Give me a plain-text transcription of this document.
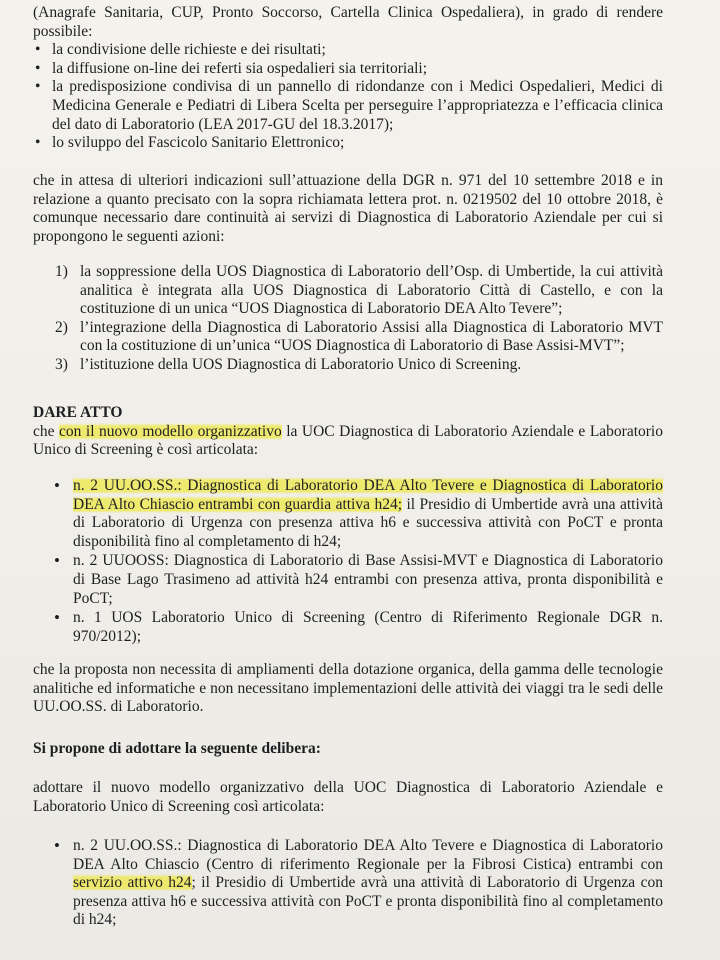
(Anagrafe Sanitaria, CUP, Pronto Soccorso, Cartella Clinica Ospedaliera), in grado di rendere

possibile:

• la condivisione delle richieste e dei risultati;

• la diffusione on-line dei referti sia ospedalieri sia territoriali;

• la predisposizione condivisa di un pannello di ridondanze con i Medici Ospedalieri, Medici di Medicina Generale e Pediatri di Libera Scelta per perseguire l’appropriatezza e l’efficacia clinica del dato di Laboratorio (LEA 2017-GU del 18.3.2017);

• lo sviluppo del Fascicolo Sanitario Elettronico;

che in attesa di ulteriori indicazioni sull’attuazione della DGR n. 971 del 10 settembre 2018 e in relazione a quanto precisato con la sopra richiamata lettera prot. n. 0219502 del 10 ottobre 2018, è comunque necessario dare continuità ai servizi di Diagnostica di Laboratorio Aziendale per cui si propongono le seguenti azioni:

1) la soppressione della UOS Diagnostica di Laboratorio dell’Osp. di Umbertide, la cui attività analitica è integrata alla UOS Diagnostica di Laboratorio Città di Castello, e con la costituzione di un unica “UOS Diagnostica di Laboratorio DEA Alto Tevere”;
2) l’integrazione della Diagnostica di Laboratorio Assisi alla Diagnostica di Laboratorio MVT con la costituzione di un’unica “UOS Diagnostica di Laboratorio di Base Assisi-MVT”;
3) l’istituzione della UOS Diagnostica di Laboratorio Unico di Screening.

DARE ATTO

che con il nuovo modello organizzativo la UOC Diagnostica di Laboratorio Aziendale e Laboratorio Unico di Screening è così articolata:

• n. 2 UU.OO.SS.: Diagnostica di Laboratorio DEA Alto Tevere e Diagnostica di Laboratorio DEA Alto Chiascio entrambi con guardia attiva h24; il Presidio di Umbertide avrà una attività di Laboratorio di Urgenza con presenza attiva h6 e successiva attività con PoCT e pronta disponibilità fino al completamento di h24;

• n. 2 UUOOSS: Diagnostica di Laboratorio di Base Assisi-MVT e Diagnostica di Laboratorio di Base Lago Trasimeno ad attività h24 entrambi con presenza attiva, pronta disponibilità e PoCT;

• n. 1 UOS Laboratorio Unico di Screening (Centro di Riferimento Regionale DGR n. 970/2012);

che la proposta non necessita di ampliamenti della dotazione organica, della gamma delle tecnologie analitiche ed informatiche e non necessitano implementazioni delle attività dei viaggi tra le sedi delle UU.OO.SS. di Laboratorio.

Si propone di adottare la seguente delibera:

adottare il nuovo modello organizzativo della UOC Diagnostica di Laboratorio Aziendale e Laboratorio Unico di Screening così articolata:

• n. 2 UU.OO.SS.: Diagnostica di Laboratorio DEA Alto Tevere e Diagnostica di Laboratorio DEA Alto Chiascio (Centro di riferimento Regionale per la Fibrosi Cistica) entrambi con servizio attivo h24; il Presidio di Umbertide avrà una attività di Laboratorio di Urgenza con presenza attiva h6 e successiva attività con PoCT e pronta disponibilità fino al completamento di h24;
